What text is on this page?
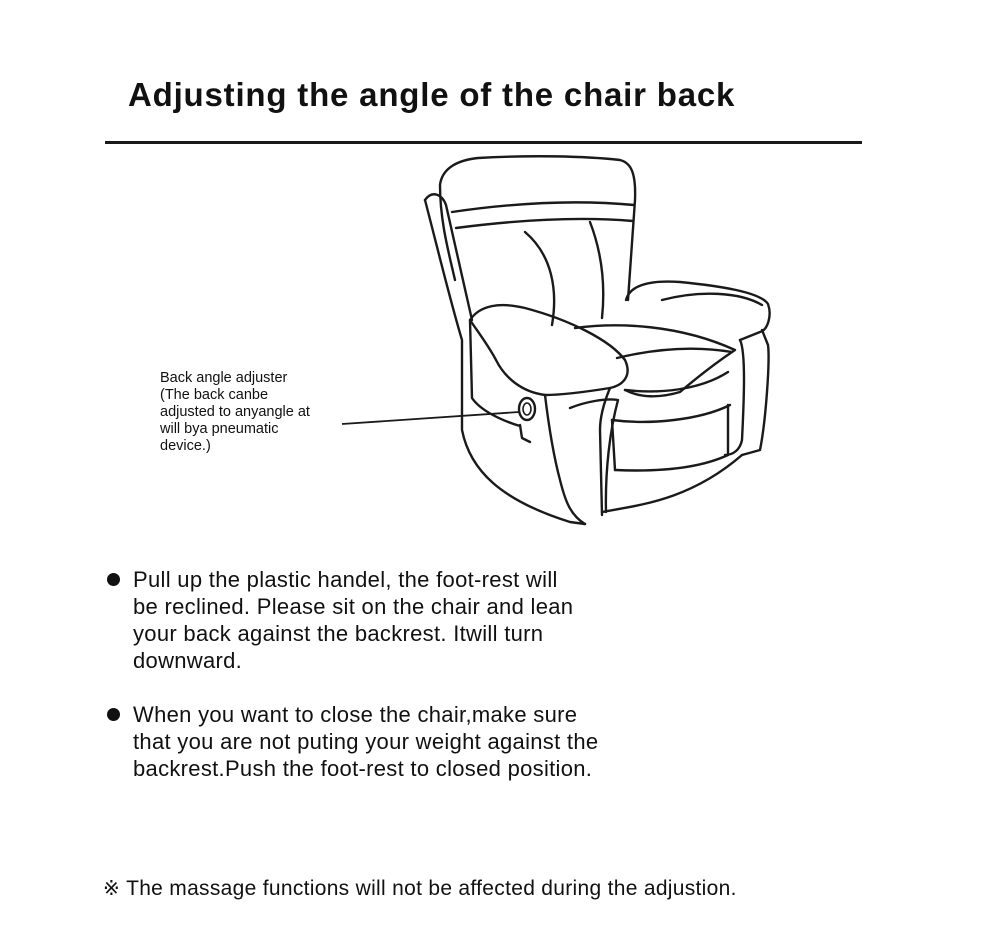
Adjusting the angle of the chair back
Back angle adjuster
(The back canbe
adjusted to anyangle at
will bya pneumatic
device.)
Pull up the plastic handel, the foot-rest will
be reclined. Please sit on the chair and lean
your back against the backrest. Itwill turn
downward.
When you want to close the chair,make sure
that you are not puting your weight against the
backrest.Push the foot-rest to closed position.
※ The massage functions will not be affected during the adjustion.
